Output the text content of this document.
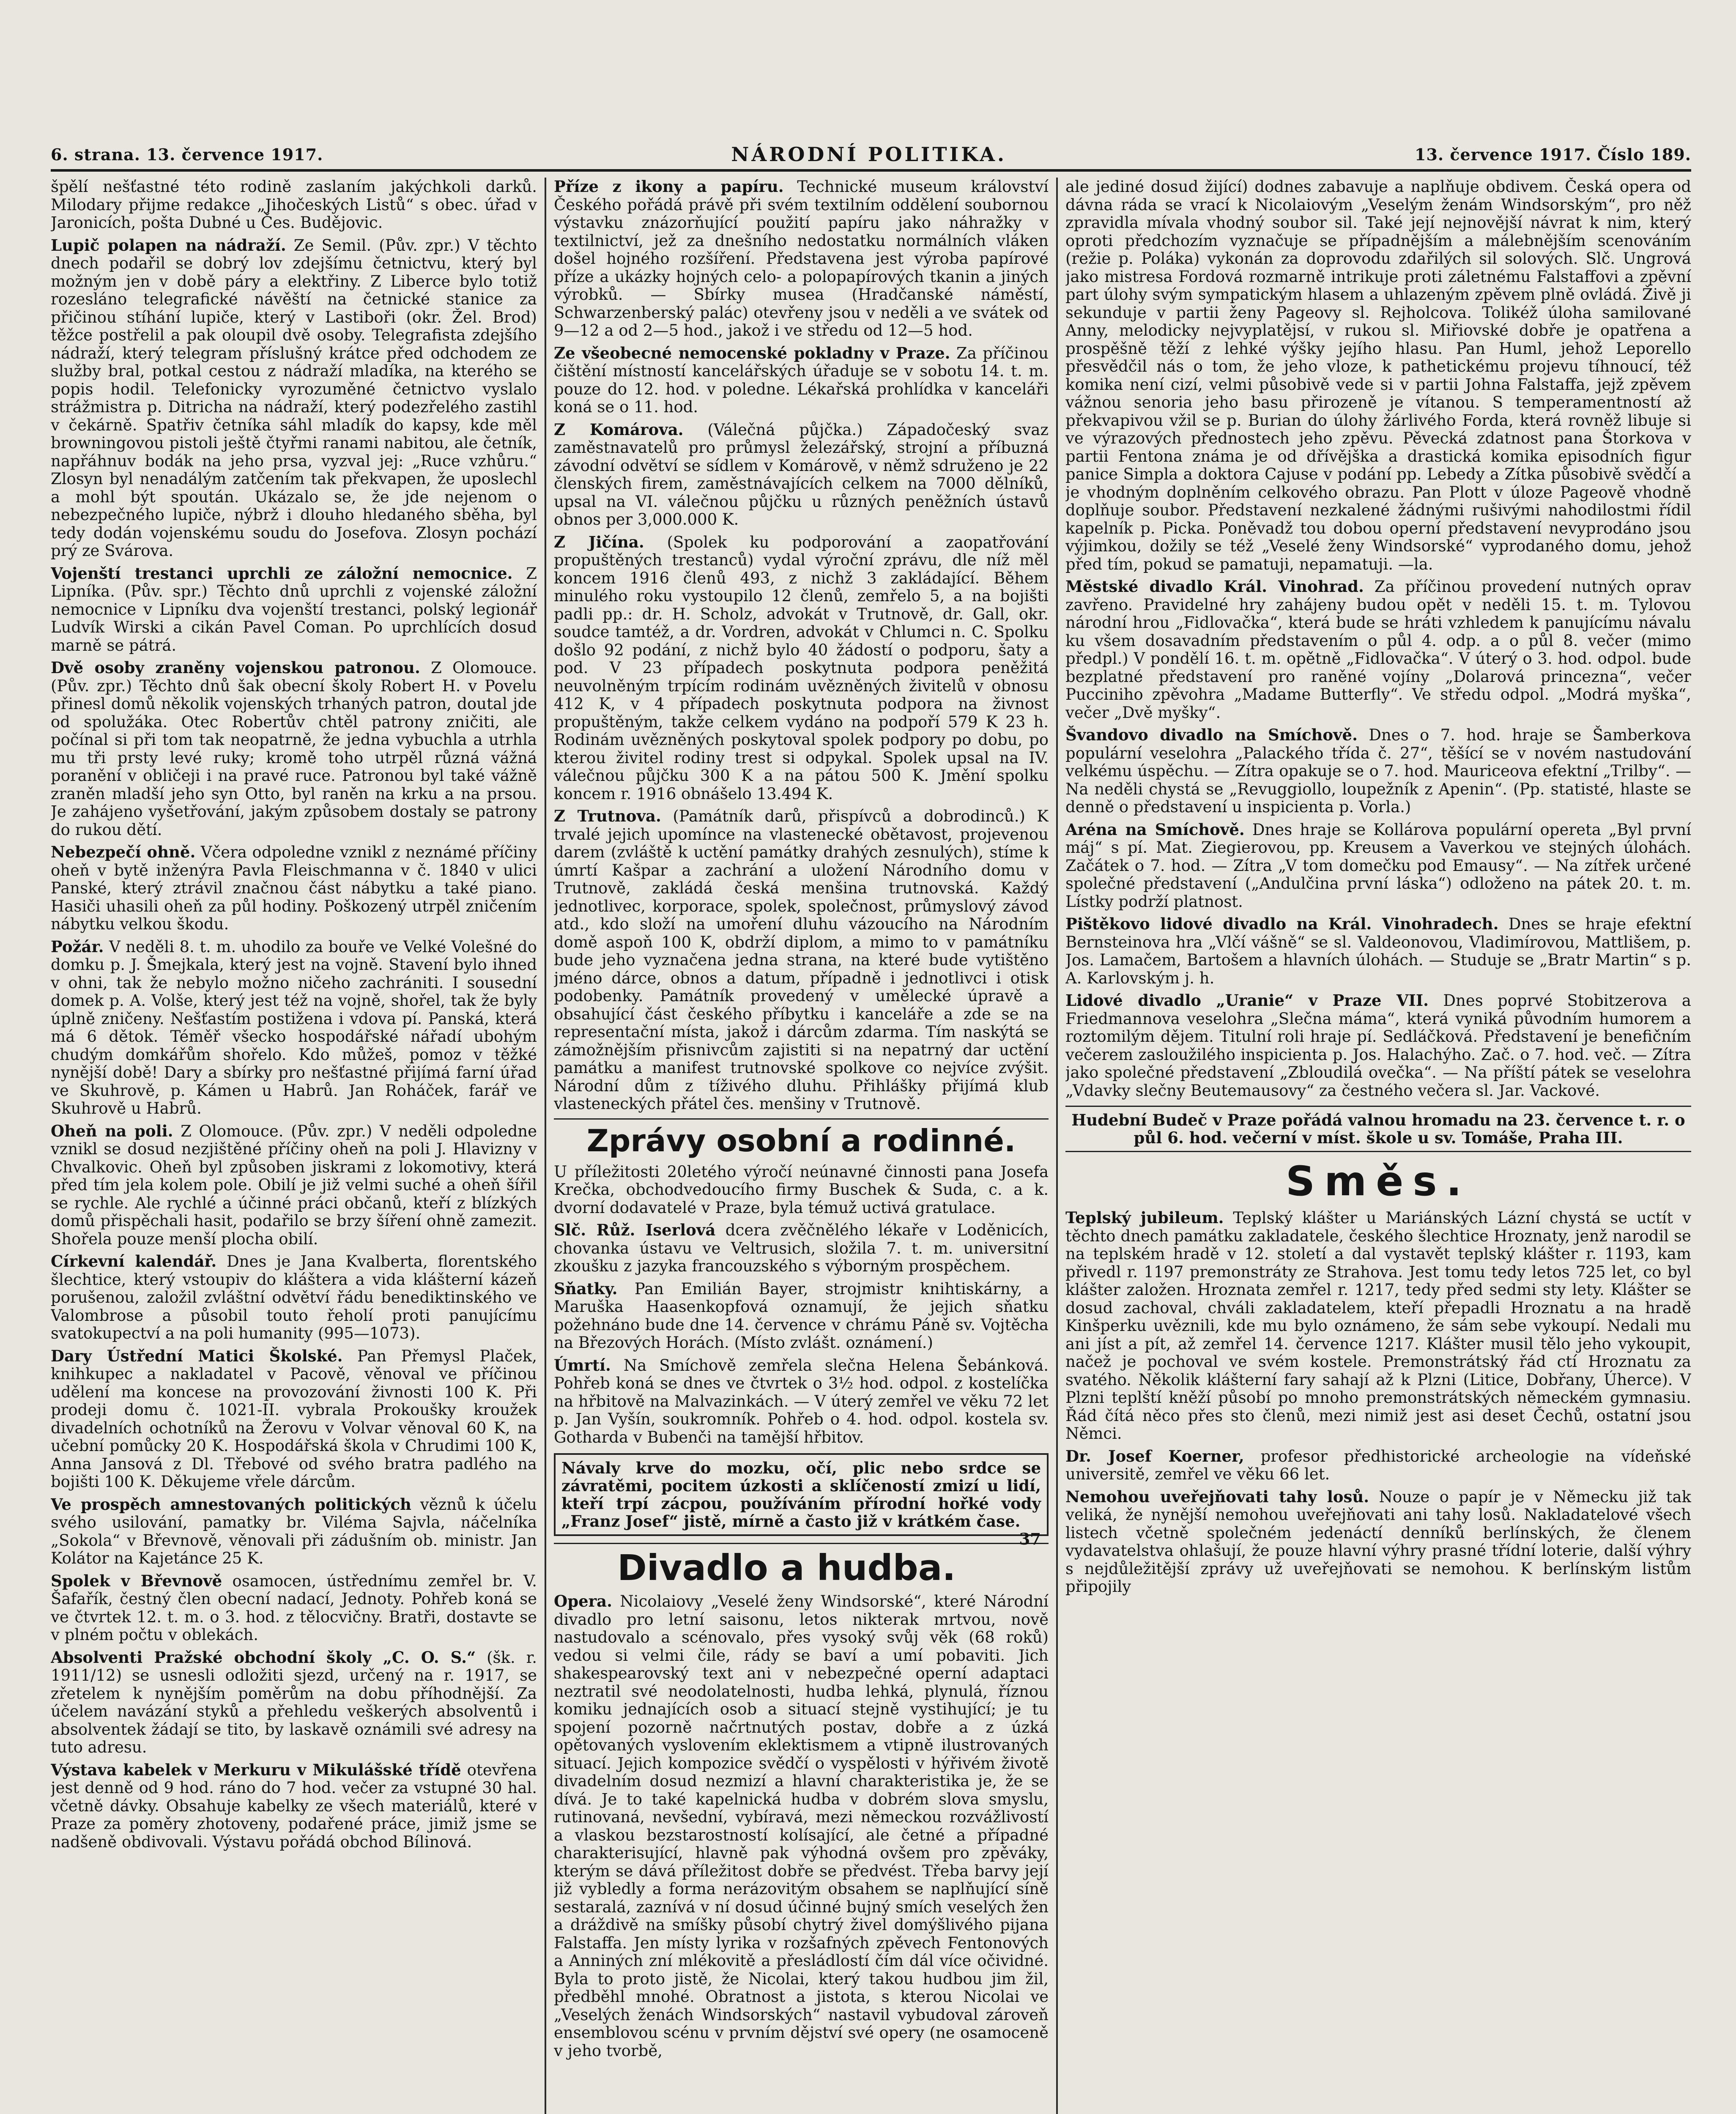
6. strana. 13. července 1917.	NÁRODNÍ POLITIKA.	13. července 1917. Číslo 189.

špělí nešťastné této rodině zaslaním jakýchkoli darků. Milodary přijme redakce „Jihočeských Listů“ s obec. úřad v Jaronicích, pošta Dubné u Čes. Budějovic.

Lupič polapen na nádraží. Ze Semil. (Pův. zpr.) V těchto dnech podařil se dobrý lov zdejšímu četnictvu, který byl možným jen v době páry a elektřiny. Z Liberce bylo totiž rozesláno telegrafické návěští na četnické stanice za přičinou stíhání lupiče, který v Lastiboři (okr. Žel. Brod) těžce postřelil a pak oloupil dvě osoby. Telegrafista zdejšího nádraží, který telegram příslušný krátce před odchodem ze služby bral, potkal cestou z nádraží mladíka, na kterého se popis hodil. Telefonicky vyrozuměné četnictvo vyslalo strážmistra p. Ditricha na nádraží, který podezřelého zastihl v čekárně. Spatřiv četníka sáhl mladík do kapsy, kde měl browningovou pistoli ještě čtyřmi ranami nabitou, ale četník, napřáhnuv bodák na jeho prsa, vyzval jej: „Ruce vzhůru.“ Zlosyn byl nenadálým zatčením tak překvapen, že uposlechl a mohl být spoután. Ukázalo se, že jde nejenom o nebezpečného lupiče, nýbrž i dlouho hledaného sběha, byl tedy dodán vojenskému soudu do Josefova. Zlosyn pochází prý ze Svárova.

Vojenští trestanci uprchli ze záložní nemocnice. Z Lipníka. (Pův. spr.) Těchto dnů uprchli z vojenské záložní nemocnice v Lipníku dva vojenští trestanci, polský legionář Ludvík Wirski a cikán Pavel Coman. Po uprchlících dosud marně se pátrá.

Dvě osoby zraněny vojenskou patronou. Z Olomouce. (Pův. zpr.) Těchto dnů šak obecní školy Robert H. v Povelu přinesl domů několik vojenských trhaných patron, doutal jde od spolužáka. Otec Robertův chtěl patrony zničiti, ale počínal si při tom tak neopatrně, že jedna vybuchla a utrhla mu tři prsty levé ruky; kromě toho utrpěl různá vážná poranění v obličeji i na pravé ruce. Patronou byl také vážně zraněn mladší jeho syn Otto, byl raněn na krku a na prsou. Je zahájeno vyšetřování, jakým způsobem dostaly se patrony do rukou dětí.

Nebezpečí ohně. Včera odpoledne vznikl z neznámé příčiny oheň v bytě inženýra Pavla Fleischmanna v č. 1840 v ulici Panské, který ztrávil značnou část nábytku a také piano. Hasiči uhasili oheň za půl hodiny. Poškozený utrpěl zničením nábytku velkou škodu.

Požár. V neděli 8. t. m. uhodilo za bouře ve Velké Volešné do domku p. J. Šmejkala, který jest na vojně. Stavení bylo ihned v ohni, tak že nebylo možno ničeho zachrániti. I sousední domek p. A. Volše, který jest též na vojně, shořel, tak že byly úplně zničeny. Nešťastím postižena i vdova pí. Panská, která má 6 dětok. Téměř všecko hospodářské nářadí ubohým chudým domkářům shořelo. Kdo můžeš, pomoz v těžké nynější době! Dary a sbírky pro nešťastné přijímá farní úřad ve Skuhrově, p. Kámen u Habrů. Jan Roháček, farář ve Skuhrově u Habrů.

Oheň na poli. Z Olomouce. (Pův. zpr.) V neděli odpoledne vznikl se dosud nezjištěné příčiny oheň na poli J. Hlavizny v Chvalkovic. Oheň byl způsoben jiskrami z lokomotivy, která před tím jela kolem pole. Obilí je již velmi suché a oheň šířil se rychle. Ale rychlé a účinné práci občanů, kteří z blízkých domů přispěchali hasit, podařilo se brzy šíření ohně zamezit. Shořela pouze menší plocha obilí.

Církevní kalendář. Dnes je Jana Kvalberta, florentského šlechtice, který vstoupiv do kláštera a vida klášterní kázeň porušenou, založil zvláštní odvětví řádu benediktinského ve Valombrose a působil touto řeholí proti panujícímu svatokupectví a na poli humanity (995—1073).

Dary Ústřední Matici Školské. Pan Přemysl Plaček, knihkupec a nakladatel v Pacově, věnoval ve příčinou udělení ma koncese na provozování živnosti 100 K. Při prodeji domu č. 1021-II. vybrala Prokoušky kroužek divadelních ochotníků na Žerovu v Volvar věnoval 60 K, na učební pomůcky 20 K. Hospodářská škola v Chrudimi 100 K, Anna Jansová z Dl. Třebové od svého bratra padlého na bojišti 100 K. Děkujeme vřele dárcům.

Ve prospěch amnestovaných politických věznů k účelu svého usilování, pamatky br. Viléma Sajvla, náčelníka „Sokola“ v Břevnově, věnovali při zádušním ob. ministr. Jan Kolátor na Kajetánce 25 K.

Spolek v Břevnově osamocen, ústřednímu zemřel br. V. Šafařík, čestný člen obecní nadací, Jednoty. Pohřeb koná se ve čtvrtek 12. t. m. o 3. hod. z tělocvičny. Bratři, dostavte se v plném počtu v oblekách.

Absolventi Pražské obchodní školy „C. O. S.“ (šk. r. 1911/12) se usnesli odložiti sjezd, určený na r. 1917, se zřetelem k nynějším poměrům na dobu příhodnější. Za účelem navázání styků a přehledu veškerých absolventů i absolventek žádají se tito, by laskavě oznámili své adresy na tuto adresu.

Výstava kabelek v Merkuru v Mikulášské třídě otevřena jest denně od 9 hod. ráno do 7 hod. večer za vstupné 30 hal. včetně dávky. Obsahuje kabelky ze všech materiálů, které v Praze za poměry zhotoveny, podařené práce, jimiž jsme se nadšeně obdivovali. Výstavu pořádá obchod Bílinová.

Příze z ikony a papíru. Technické museum království Českého pořádá právě při svém textilním oddělení soubornou výstavku znázorňující použití papíru jako náhražky v textilnictví, jež za dnešního nedostatku normálních vláken došel hojného rozšíření. Představena jest výroba papírové příze a ukázky hojných celo- a polopapírových tkanin a jiných výrobků. — Sbírky musea (Hradčanské náměstí, Schwarzenberský palác) otevřeny jsou v neděli a ve svátek od 9—12 a od 2—5 hod., jakož i ve středu od 12—5 hod.

Ze všeobecné nemocenské pokladny v Praze. Za příčinou čištění místností kancelářských úřaduje se v sobotu 14. t. m. pouze do 12. hod. v poledne. Lékařská prohlídka v kanceláři koná se o 11. hod.

Z Komárova. (Válečná půjčka.) Západočeský svaz zaměstnavatelů pro průmysl železářský, strojní a příbuzná závodní odvětví se sídlem v Komárově, v němž sdruženo je 22 členských firem, zaměstnávajících celkem na 7000 dělníků, upsal na VI. válečnou půjčku u různých peněžních ústavů obnos per 3,000.000 K.

Z Jičína. (Spolek ku podporování a zaopatřování propuštěných trestanců) vydal výroční zprávu, dle níž měl koncem 1916 členů 493, z nichž 3 zakládající. Během minulého roku vystoupilo 12 členů, zemřelo 5, a na bojišti padli pp.: dr. H. Scholz, advokát v Trutnově, dr. Gall, okr. soudce tamtéž, a dr. Vordren, advokát v Chlumci n. C. Spolku došlo 92 podání, z nichž bylo 40 žádostí o podporu, šaty a pod. V 23 případech poskytnuta podpora peněžitá neuvolněným trpícím rodinám uvězněných živitelů v obnosu 412 K, v 4 případech poskytnuta podpora na živnost propuštěným, takže celkem vydáno na podpoří 579 K 23 h. Rodinám uvězněných poskytoval spolek podpory po dobu, po kterou živitel rodiny trest si odpykal. Spolek upsal na IV. válečnou půjčku 300 K a na pátou 500 K. Jmění spolku koncem r. 1916 obnášelo 13.494 K.

Z Trutnova. (Památník darů, přispívců a dobrodinců.) K trvalé jejich upomínce na vlastenecké obětavost, projevenou darem (zvláště k uctění památky drahých zesnulých), stíme k úmrtí Kašpar a zachrání a uložení Národního domu v Trutnově, zakládá česká menšina trutnovská. Každý jednotlivec, korporace, spolek, společnost, průmyslový závod atd., kdo složí na umoření dluhu vázoucího na Národním domě aspoň 100 K, obdrží diplom, a mimo to v památníku bude jeho vyznačena jedna strana, na které bude vytištěno jméno dárce, obnos a datum, případně i jednotlivci i otisk podobenky. Památník provedený v umělecké úpravě a obsahující část českého příbytku i kanceláře a zde se na representační místa, jakož i dárcům zdarma. Tím naskýtá se zámožnějším přisnivcům zajistiti si na nepatrný dar uctění památku a manifest trutnovské spolkove co nejvíce zvýšit. Národní dům z tíživého dluhu. Přihlášky přijímá klub vlasteneckých přátel čes. menšiny v Trutnově.

Zprávy osobní a rodinné.

U příležitosti 20letého výročí neúnavné činnosti pana Josefa Krečka, obchodvedoucího firmy Buschek & Suda, c. a k. dvorní dodavatelé v Praze, byla témuž uctivá gratulace.

Slč. Růž. Iserlová dcera zvěčnělého lékaře v Loděnicích, chovanka ústavu ve Veltrusich, složila 7. t. m. universitní zkoušku z jazyka francouzského s výborným prospěchem.

Sňatky. Pan Emilián Bayer, strojmistr knihtiskárny, a Maruška Haasenkopfová oznamují, že jejich sňatku požehnáno bude dne 14. července v chrámu Páně sv. Vojtěcha na Březových Horách. (Místo zvlášt. oznámení.)

Úmrtí. Na Smíchově zemřela slečna Helena Šebánková. Pohřeb koná se dnes ve čtvrtek o 3½ hod. odpol. z kostelíčka na hřbitově na Malvazinkách. — V úterý zemřel ve věku 72 let p. Jan Vyšín, soukromník. Pohřeb o 4. hod. odpol. kostela sv. Gotharda v Bubenči na tamější hřbitov.

Návaly krve do mozku, očí, plic nebo srdce se závratěmi, pocitem úzkosti a sklíčeností zmizí u lidí, kteří trpí zácpou, používáním přírodní hořké vody „Franz Josef“ jistě, mírně a často již v krátkém čase.
37
Divadlo a hudba.

Opera. Nicolaiovy „Veselé ženy Windsorské“, které Národní divadlo pro letní saisonu, letos nikterak mrtvou, nově nastudovalo a scénovalo, přes vysoký svůj věk (68 roků) vedou si velmi čile, rády se baví a umí pobaviti. Jich shakespearovský text ani v nebezpečné operní adaptaci neztratil své neodolatelnosti, hudba lehká, plynulá, říznou komiku jednajících osob a situací stejně vystihující; je tu spojení pozorně načrtnutých postav, dobře a z úzká opětovaných vyslovením eklektismem a vtipně ilustrovaných situací. Jejich kompozice svědčí o vyspělosti v hýřivém životě divadelním dosud nezmizí a hlavní charakteristika je, že se dívá. Je to také kapelnická hudba v dobrém slova smyslu, rutinovaná, nevšední, vybíravá, mezi německou rozvážlivostí a vlaskou bezstarostností kolísající, ale četné a případné charakterisující, hlavně pak výhodná ovšem pro zpěváky, kterým se dává příležitost dobře se předvést. Třeba barvy její již vybledly a forma nerázovitým obsahem se naplňující síně sestaralá, zaznívá v ní dosud účinné bujný smích veselých žen a dráždivě na smíšky působí chytrý živel domýšlivého pijana Falstaffa. Jen místy lyrika v rozšafných zpěvech Fentonových a Anniných zní mlékovitě a přesládlostí čím dál více očividné. Byla to proto jistě, že Nicolai, který takou hudbou jim žil, předběhl mnohé. Obratnost a jistota, s kterou Nicolai ve „Veselých ženách Windsorských“ nastavil vybudoval zároveň ensemblovou scénu v prvním dějství své opery (ne osamoceně v jeho tvorbě,

ale jediné dosud žijící) dodnes zabavuje a naplňuje obdivem. Česká opera od dávna ráda se vrací k Nicolaiovým „Veselým ženám Windsorským“, pro něž zpravidla mívala vhodný soubor sil. Také její nejnovější návrat k nim, který oproti předchozím vyznačuje se případnějším a málebnějším scenováním (režie p. Poláka) vykonán za doprovodu zdařilých sil solových. Slč. Ungrová jako mistresa Fordová rozmarně intrikuje proti záletnému Falstaffovi a zpěvní part úlohy svým sympatickým hlasem a uhlazeným zpěvem plně ovládá. Živě ji sekunduje v partii ženy Pageovy sl. Rejholcova. Tolikéž úloha samilované Anny, melodicky nejvyplatějsí, v rukou sl. Miřiovské dobře je opatřena a prospěšně těží z lehké výšky jejího hlasu. Pan Huml, jehož Leporello přesvědčil nás o tom, že jeho vloze, k pathetickému projevu tíhnoucí, též komika není cizí, velmi působivě vede si v partii Johna Falstaffa, jejž zpěvem vážnou senoria jeho basu přirozeně je vítanou. S temperamentností až překvapivou vžil se p. Burian do úlohy žárlivého Forda, která rovněž libuje si ve výrazových přednostech jeho zpěvu. Pěvecká zdatnost pana Štorkova v partii Fentona známa je od dřívějška a drastická komika episodních figur panice Simpla a doktora Cajuse v podání pp. Lebedy a Zítka působivě svědčí a je vhodným doplněním celkového obrazu. Pan Plott v úloze Pageově vhodně doplňuje soubor. Představení nezkalené žádnými rušivými nahodilostmi řídil kapelník p. Picka. Poněvadž tou dobou operní představení nevyprodáno jsou výjimkou, dožily se též „Veselé ženy Windsorské“ vyprodaného domu, jehož před tím, pokud se pamatuji, nepamatuji. —la.

Městské divadlo Král. Vinohrad. Za příčinou provedení nutných oprav zavřeno. Pravidelné hry zahájeny budou opět v neděli 15. t. m. Tylovou národní hrou „Fidlovačka“, která bude se hráti vzhledem k panujícímu návalu ku všem dosavadním představením o půl 4. odp. a o půl 8. večer (mimo předpl.) V pondělí 16. t. m. opětně „Fidlovačka“. V úterý o 3. hod. odpol. bude bezplatné představení pro raněné vojíny „Dolarová princezna“, večer Pucciniho zpěvohra „Madame Butterfly“. Ve středu odpol. „Modrá myška“, večer „Dvě myšky“.

Švandovo divadlo na Smíchově. Dnes o 7. hod. hraje se Šamberkova populární veselohra „Palackého třída č. 27“, těšící se v novém nastudování velkému úspěchu. — Zítra opakuje se o 7. hod. Mauriceova efektní „Trilby“. — Na neděli chystá se „Revuggiollo, loupežník z Apenin“. (Pp. statisté, hlaste se denně o představení u inspicienta p. Vorla.)

Aréna na Smíchově. Dnes hraje se Kollárova populární opereta „Byl první máj“ s pí. Mat. Ziegierovou, pp. Kreusem a Vaverkou ve stejných úlohách. Začátek o 7. hod. — Zítra „V tom domečku pod Emausy“. — Na zítřek určené společné představení („Andulčina první láska“) odloženo na pátek 20. t. m. Lístky podrží platnost.

Pištěkovo lidové divadlo na Král. Vinohradech. Dnes se hraje efektní Bernsteinova hra „Vlčí vášně“ se sl. Valdeonovou, Vladimírovou, Mattlišem, p. Jos. Lamačem, Bartošem a hlavních úlohách. — Studuje se „Bratr Martin“ s p. A. Karlovským j. h.

Lidové divadlo „Uranie“ v Praze VII. Dnes poprvé Stobitzerova a Friedmannova veselohra „Slečna máma“, která vyniká původním humorem a roztomilým dějem. Titulní roli hraje pí. Sedláčková. Představení je benefičním večerem zasloužilého inspicienta p. Jos. Halachýho. Zač. o 7. hod. več. — Zítra jako společné představení „Zbloudilá ovečka“. — Na příští pátek se veselohra „Vdavky slečny Beutemausovy“ za čestného večera sl. Jar. Vackové.

Hudební Budeč v Praze pořádá valnou hromadu na 23. července t. r. o půl 6. hod. večerní v míst. škole u sv. Tomáše, Praha III.
Směs.

Teplský jubileum. Teplský klášter u Mariánských Lázní chystá se uctít v těchto dnech památku zakladatele, českého šlechtice Hroznaty, jenž narodil se na teplském hradě v 12. století a dal vystavět teplský klášter r. 1193, kam přivedl r. 1197 premonstráty ze Strahova. Jest tomu tedy letos 725 let, co byl klášter založen. Hroznata zemřel r. 1217, tedy před sedmi sty lety. Klášter se dosud zachoval, chváli zakladatelem, kteří přepadli Hroznatu a na hradě Kinšperku uvěznili, kde mu bylo oznámeno, že sám sebe vykoupí. Nedali mu ani jíst a pít, až zemřel 14. července 1217. Klášter musil tělo jeho vykoupit, načež je pochoval ve svém kostele. Premonstrátský řád ctí Hroznatu za svatého. Několik klášterní fary sahají až k Plzni (Litice, Dobřany, Úherce). V Plzni teplští kněží působí po mnoho premonstrátských německém gymnasiu. Řád čítá něco přes sto členů, mezi nimiž jest asi deset Čechů, ostatní jsou Němci.

Dr. Josef Koerner, profesor předhistorické archeologie na vídeňské universitě, zemřel ve věku 66 let.

Nemohou uveřejňovati tahy losů. Nouze o papír je v Německu již tak veliká, že nynější nemohou uveřejňovati ani tahy losů. Nakladatelové všech listech včetně společném jedenáctí denníků berlínských, že členem vydavatelstva ohlašují, že pouze hlavní výhry prasné třídní loterie, další výhry s nejdůležitější zprávy už uveřejňovati se nemohou. K berlínským listům připojily
